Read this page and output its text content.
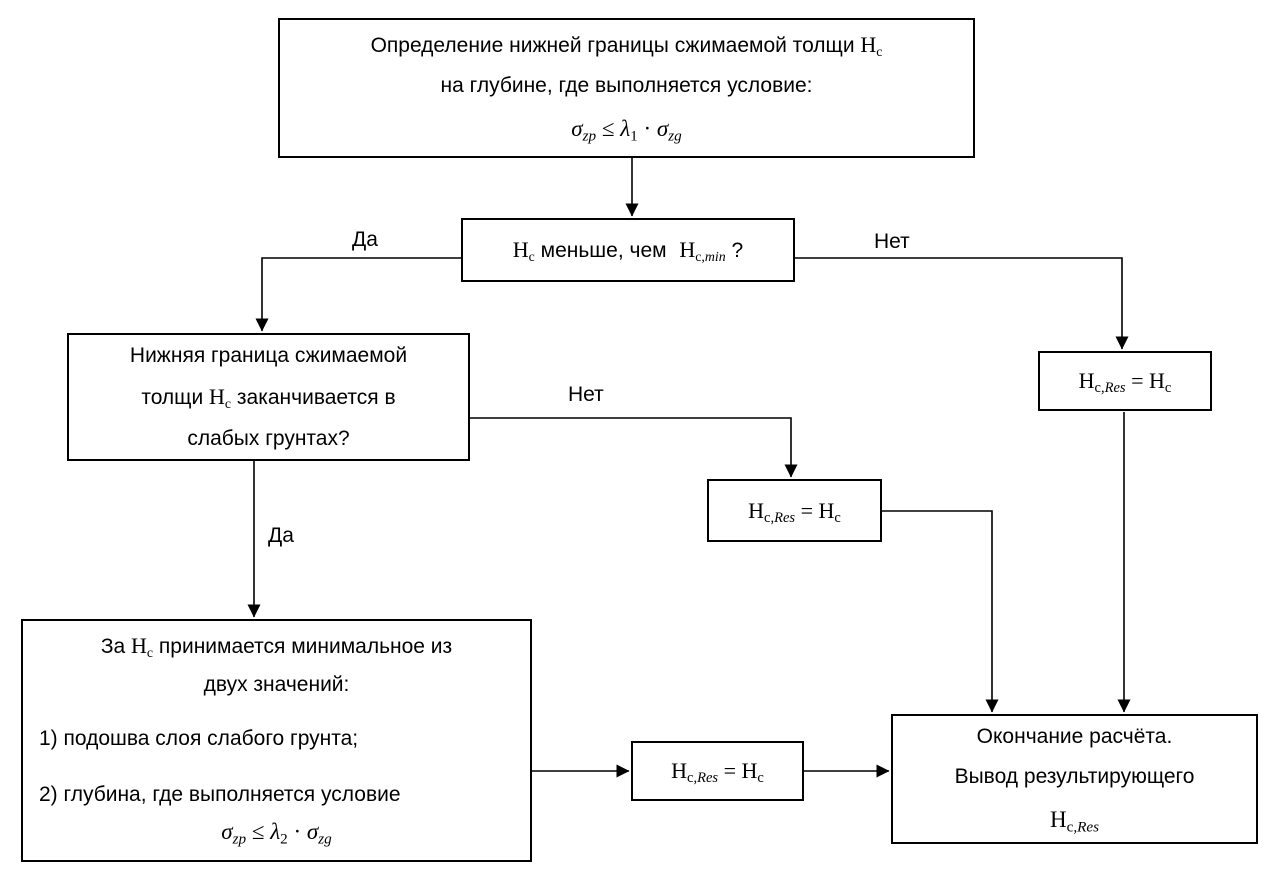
Определение нижней границы сжимаемой толщи $H_c$
на глубине, где выполняется условие:
$\sigma_{zp} \le \lambda_1 \cdot \sigma_{zg}$
$H_c$ меньше, чем $H_{c,min}$ ?
Нижняя граница сжимаемой
толщи $H_c$ заканчивается в
слабых грунтах?
$H_{c,Res} = H_c$
$H_{c,Res} = H_c$
За $H_c$ принимается минимальное из
двух значений:
1) подошва слоя слабого грунта;
2) глубина, где выполняется условие
$\sigma_{zp} \le \lambda_2 \cdot \sigma_{zg}$
$H_{c,Res} = H_c$
Окончание расчёта.
Вывод результирующего
$H_{c,Res}$
Да	Нет
Нет
Да
